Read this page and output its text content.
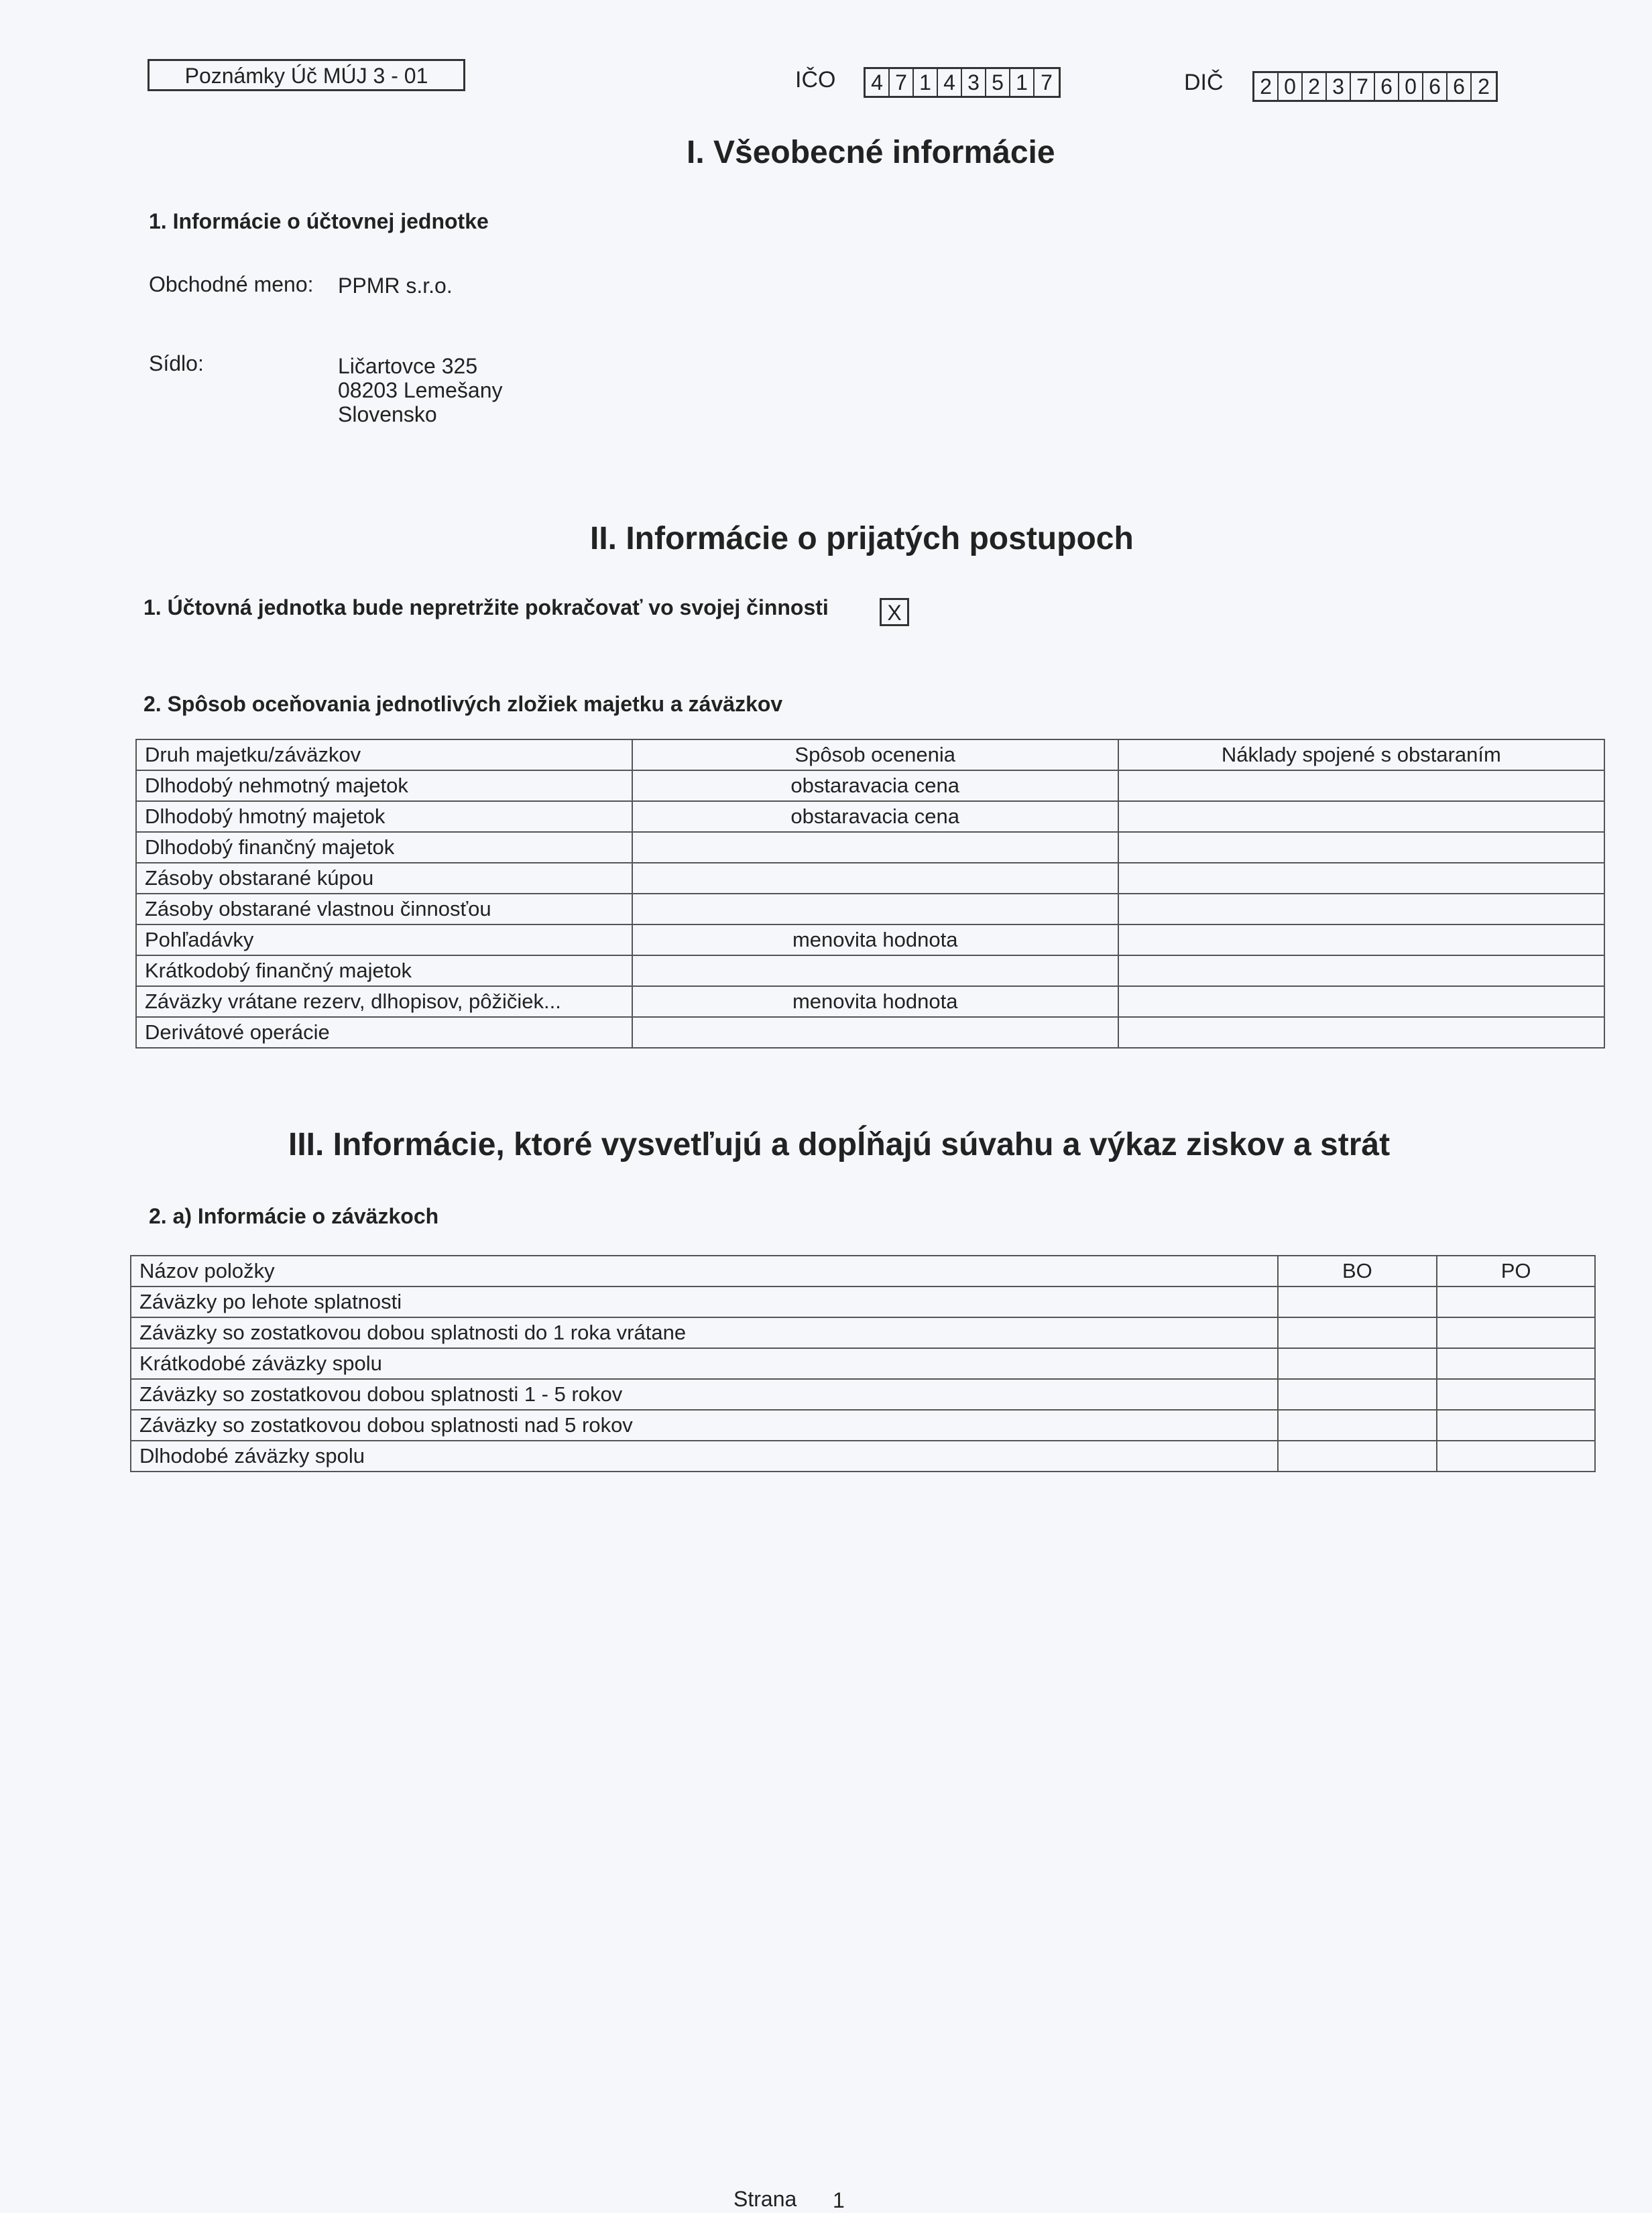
Poznámky Úč MÚJ 3 - 01	IČO 4 7 1 4 3 5 1 7	DIČ 2 0 2 3 7 6 0 6 6 2
I. Všeobecné informácie
1. Informácie o účtovnej jednotke
Obchodné meno: PPMR s.r.o.
Sídlo:	Ličartovce 325
08203 Lemešany
Slovensko
II. Informácie o prijatých postupoch
1. Účtovná jednotka bude nepretržite pokračovať vo svojej činnosti	X
2. Spôsob oceňovania jednotlivých zložiek majetku a záväzkov
Druh majetku/záväzkov	Spôsob ocenenia	Náklady spojené s obstaraním
Dlhodobý nehmotný majetok	obstaravacia cena	
Dlhodobý hmotný majetok	obstaravacia cena	
Dlhodobý finančný majetok		
Zásoby obstarané kúpou		
Zásoby obstarané vlastnou činnosťou		
Pohľadávky	menovita hodnota	
Krátkodobý finančný majetok		
Záväzky vrátane rezerv, dlhopisov, pôžičiek...	menovita hodnota	
Derivátové operácie		
III. Informácie, ktoré vysvetľujú a dopĺňajú súvahu a výkaz ziskov a strát
2. a) Informácie o záväzkoch
Názov položky	BO	PO
Záväzky po lehote splatnosti		
Záväzky so zostatkovou dobou splatnosti do 1 roka vrátane		
Krátkodobé záväzky spolu		
Záväzky so zostatkovou dobou splatnosti 1 - 5 rokov		
Záväzky so zostatkovou dobou splatnosti nad 5 rokov		
Dlhodobé záväzky spolu		
Strana 1
